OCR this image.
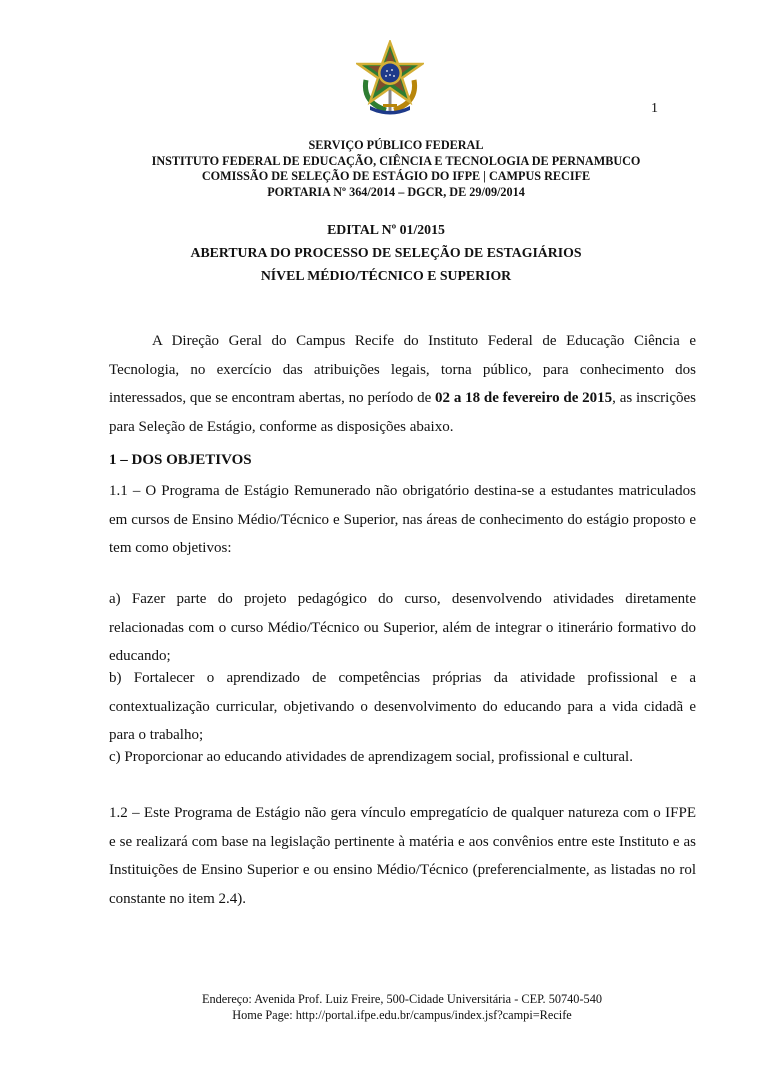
1
SERVIÇO PÚBLICO FEDERAL
INSTITUTO FEDERAL DE EDUCAÇÃO, CIÊNCIA E TECNOLOGIA DE PERNAMBUCO
COMISSÃO DE SELEÇÃO DE ESTÁGIO DO IFPE | CAMPUS RECIFE
PORTARIA Nº 364/2014 – DGCR, DE 29/09/2014
EDITAL Nº 01/2015
ABERTURA DO PROCESSO DE SELEÇÃO DE ESTAGIÁRIOS
NÍVEL MÉDIO/TÉCNICO E SUPERIOR

A Direção Geral do Campus Recife do Instituto Federal de Educação Ciência e Tecnologia, no exercício das atribuições legais, torna público, para conhecimento dos interessados, que se encontram abertas, no período de 02 a 18 de fevereiro de 2015, as inscrições para Seleção de Estágio, conforme as disposições abaixo.

1 – DOS OBJETIVOS

1.1 – O Programa de Estágio Remunerado não obrigatório destina-se a estudantes matriculados em cursos de Ensino Médio/Técnico e Superior, nas áreas de conhecimento do estágio proposto e tem como objetivos:

a) Fazer parte do projeto pedagógico do curso, desenvolvendo atividades diretamente relacionadas com o curso Médio/Técnico ou Superior, além de integrar o itinerário formativo do educando;

b) Fortalecer o aprendizado de competências próprias da atividade profissional e a contextualização curricular, objetivando o desenvolvimento do educando para a vida cidadã e para o trabalho;

c) Proporcionar ao educando atividades de aprendizagem social, profissional e cultural.

1.2 – Este Programa de Estágio não gera vínculo empregatício de qualquer natureza com o IFPE e se realizará com base na legislação pertinente à matéria e aos convênios entre este Instituto e as Instituições de Ensino Superior e ou ensino Médio/Técnico (preferencialmente, as listadas no rol constante no item 2.4).

Endereço: Avenida Prof. Luiz Freire, 500-Cidade Universitária - CEP. 50740-540
Home Page: http://portal.ifpe.edu.br/campus/index.jsf?campi=Recife
